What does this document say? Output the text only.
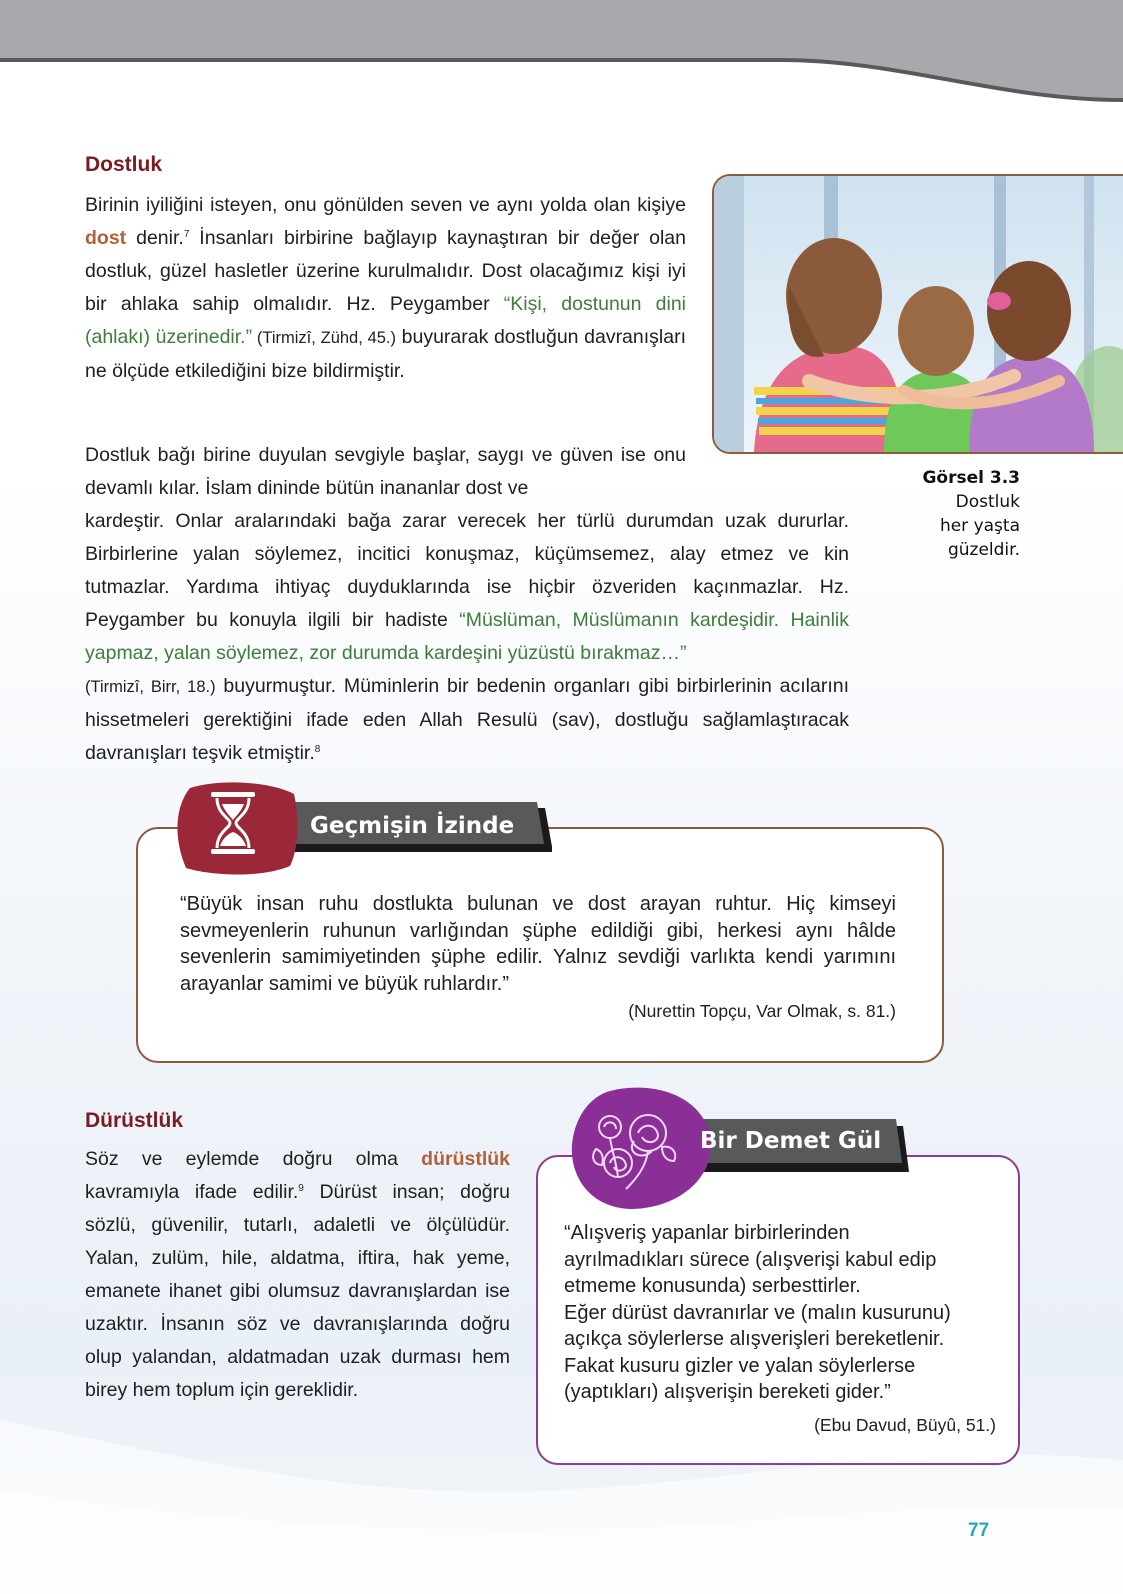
Dostluk

Birinin iyiliğini isteyen, onu gönülden seven ve aynı yolda olan kişiye dost denir.$^7$ İnsanları birbirine bağlayıp kaynaştıran bir değer olan dostluk, güzel hasletler üzerine kurulmalıdır. Dost olacağımız kişi iyi bir ahlaka sahip olmalıdır. Hz. Peygamber “Kişi, dostunun dini (ahlakı) üzerinedir.” (Tirmizî, Zühd, 45.) buyurarak dostluğun davranışları ne ölçüde etkilediğini bize bildirmiştir.

Dostluk bağı birine duyulan sevgiyle başlar, saygı ve güven ise onu devamlı kılar. İslam dininde bütün inananlar dost ve

kardeştir. Onlar aralarındaki bağa zarar verecek her türlü durumdan uzak dururlar. Birbirlerine yalan söylemez, incitici konuşmaz, küçümsemez, alay etmez ve kin tutmazlar. Yardıma ihtiyaç duyduklarında ise hiçbir özveriden kaçınmazlar. Hz. Peygamber bu konuyla ilgili bir hadiste “Müslüman, Müslümanın kardeşidir. Hainlik yapmaz, yalan söylemez, zor durumda kardeşini yüzüstü bırakmaz…”
(Tirmizî, Birr, 18.) buyurmuştur. Müminlerin bir bedenin organları gibi birbirlerinin acılarını hissetmeleri gerektiğini ifade eden Allah Resulü (sav), dostluğu sağlamlaştıracak davranışları teşvik etmiştir.$^8$

Görsel 3.3
Dostluk
her yaşta
güzeldir.

“Büyük insan ruhu dostlukta bulunan ve dost arayan ruhtur. Hiç kimseyi sevmeyenlerin ruhunun varlığından şüphe edildiği gibi, herkesi aynı hâlde sevenlerin samimiyetinden şüphe edilir. Yalnız sevdiği varlıkta kendi yarımını arayanlar samimi ve büyük ruhlardır.”

(Nurettin Topçu, Var Olmak, s. 81.)
Geçmişin İzinde
Dürüstlük

Söz ve eylemde doğru olma dürüstlük kavramıyla ifade edilir.$^9$ Dürüst insan; doğru sözlü, güvenilir, tutarlı, adaletli ve ölçülüdür. Yalan, zulüm, hile, aldatma, iftira, hak yeme, emanete ihanet gibi olumsuz davranışlardan ise uzaktır. İnsanın söz ve davranışlarında doğru olup yalandan, aldatmadan uzak durması hem birey hem toplum için gereklidir.

“Alışveriş yapanlar birbirlerinden
ayrılmadıkları sürece (alışverişi kabul edip
etmeme konusunda) serbesttirler.
Eğer dürüst davranırlar ve (malın kusurunu)
açıkça söylerlerse alışverişleri bereketlenir.
Fakat kusuru gizler ve yalan söylerlerse
(yaptıkları) alışverişin bereketi gider.”
(Ebu Davud, Büyû, 51.)
Bir Demet Gül
77
